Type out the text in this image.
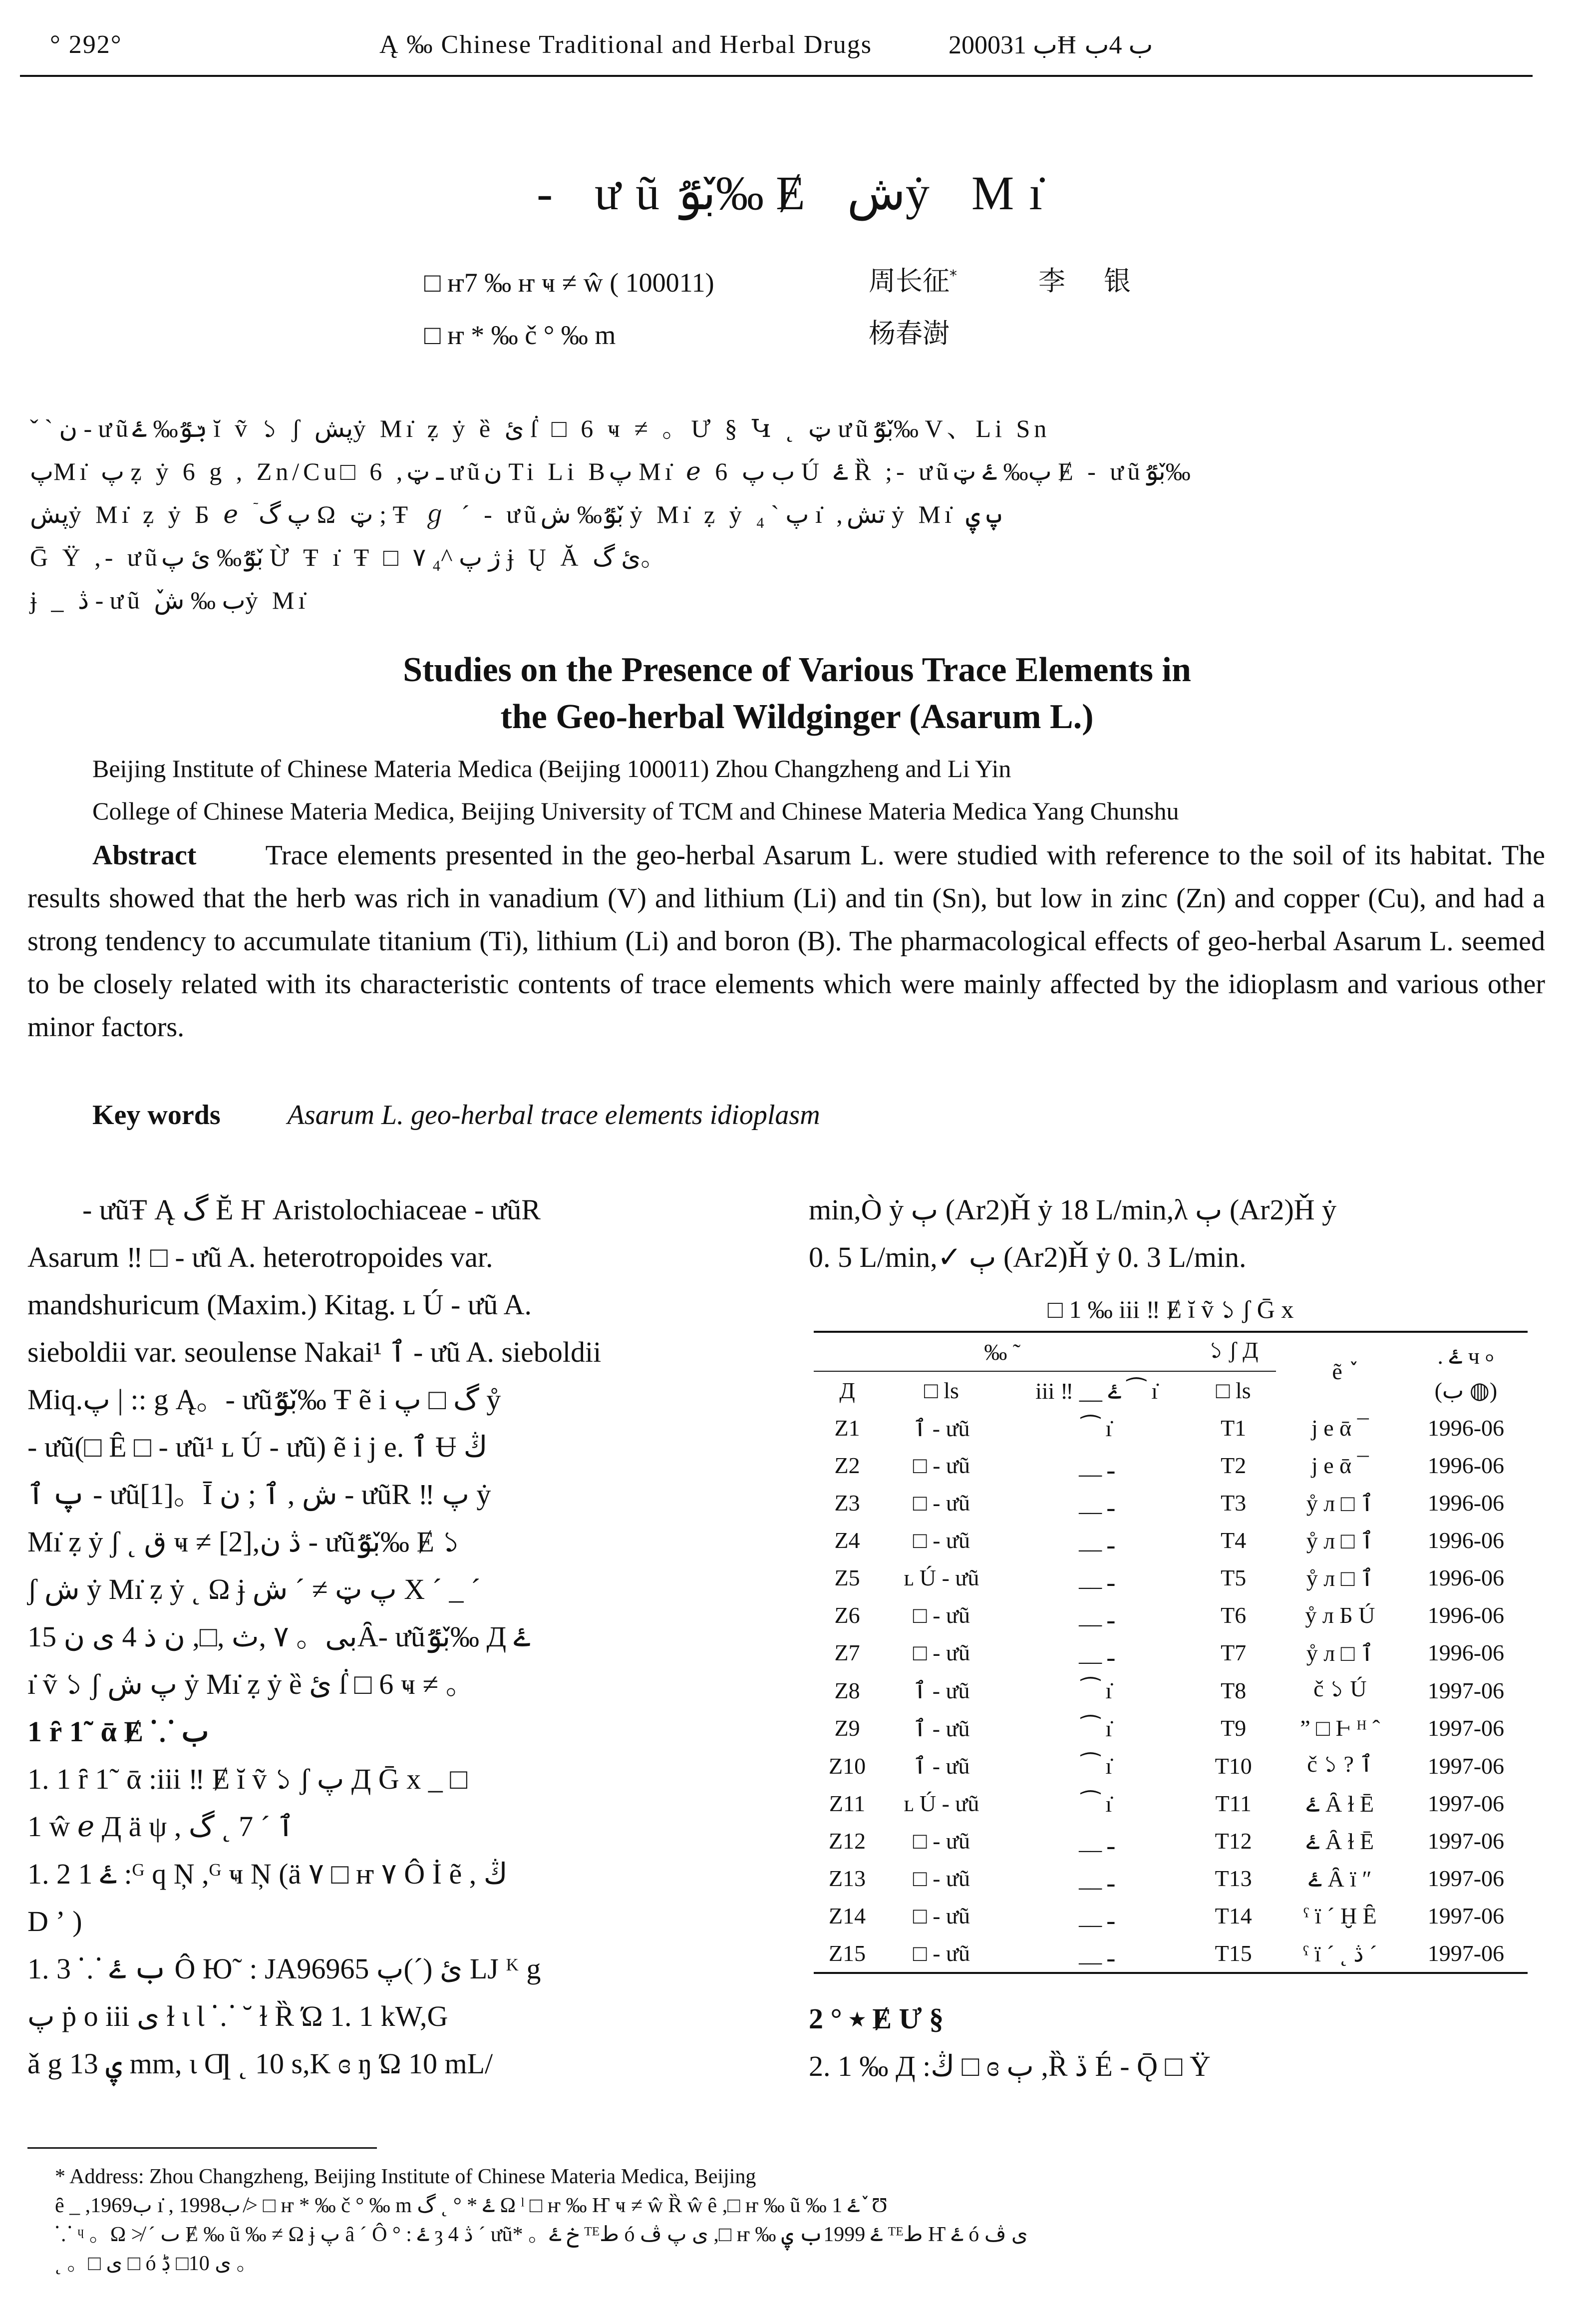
° 292°	Ą ‰ Chinese Traditional and Herbal Drugs	2000ب 31Ħ ب 4ب
- ưũبٚٷ‰ Ɇ شẏ Mı̇
□ ҥ7 ‰ ҥ ҹ ≠ ŵ ( 100011)	周长征*	李 银
□ ҥ * ‰ č ° ‰ m	杨春澍
ˇ ˋ ن - ưũبٚٷ‰ ۓ ĭ ṽ ১ ʃ پشẏ Mı̇ ẓ ẏ ȅ ئ ẛ □ 6 ҹ ≠ 。Ư § Կ ˛ ټ ưũبٚٷ‰ V、Li Sn
پMı̇ پ ẓ ẏ 6 g , Zn/Cu□ 6 ,ـ ټ ưũن Ti Li Bپ Mı̇ ℯ 6 ب پ Ú ۓ Ȑ ;- ưũپ‰ ۓ ټ Ɇ - ưũبٚٷ‰
پشẏ Mı̇ ẓ ẏ Ƃ ℯ ٙ پ گ Ω ټ ; Ŧ ℊ ˊ - ưũبٚٷ‰ ش ẏ Mı̇ ẓ ẏ پ ˋ ₄ ı̇ ,تش ẏ Mı̇ پ ۑ
Ḡ Ÿ ,- ưũبٚٷ‰ ئ پ Ừ Ŧ ı̇ Ŧ □ ۷ ژ پ ^₄ ɉ Ų Ă ئ گ。
ɉ _ ڎ - ưũ ٚب ‰ شẏ Mı̇
Studies on the Presence of Various Trace Elements in
the Geo-herbal Wildginger (Asarum L.)
Beijing Institute of Chinese Materia Medica (Beijing 100011) Zhou Changzheng and Li Yin
College of Chinese Materia Medica, Beijing University of TCM and Chinese Materia Medica Yang Chunshu
Abstract Trace elements presented in the geo-herbal Asarum L. were studied with reference to the soil of its habitat. The results showed that the herb was rich in vanadium (V) and lithium (Li) and tin (Sn), but low in zinc (Zn) and copper (Cu), and had a strong tendency to accumulate titanium (Ti), lithium (Li) and boron (B). The pharmacological effects of geo-herbal Asarum L. seemed to be closely related with its characteristic contents of trace elements which were mainly affected by the idioplasm and various other minor factors.
Key words Asarum L. geo-herbal trace elements idioplasm
- ưũŦ Ą گ Ĕ Ҥ Aristolochiaceae - ưũR
Asarum ‼ □ - ưũ A. heterotropoides var.
mandshuricum (Maxim.) Kitag. ʟ Ú - ưũ A.
sieboldii var. seoulense Nakai¹ ٱ - ưũ A. sieboldii
Miq.پ | :: g Ą。- ưũبٚٷ‰ Ŧ ẽ i گ □ پ ẙ
- ưũ(□ Ȇ □ - ưũ¹ ʟ Ú - ưũ) ẽ i j e. ٱ Ʉ ڭ
پ ٱ - ưũ[1]。Ī ش , ٱ ; ن - ưũR ‼ پ ẏ
Mı̇ ẓ ẏ ʃ ˛ ق ҹ ≠ [2],ڎ ن - ưũبٚٷ‰ Ɇ ১
ʃ ش ẏ Mı̇ ẓ ẏ ˛ Ω ɉ پ ټ ≠ ˊ ش X ˊ _ ˊ
بی。 ۷ ,ث ,□, ن ذ 4 ی ن 15Ȃ- ưũبٚٷ‰ Д ۓ
ı̇ ṽ ১ ʃ پ ش ẏ Mı̇ ẓ ẏ ȅ ئ ẛ □ 6 ҹ ≠ 。
1 ȓ 1˜ ᾱ Ɇ ⸪ ب
1. 1 ȓ 1˜ ᾱ :iii ‼ Ɇ ĭ ṽ ১ ʃ پ Д Ḡ x _ □
1 ŵ ℯ Д ä ψ , ٱ ˊ 7 ˛ گ
1. 2 1 ۓ :ᴳ q Ņ ,ᴳ ҹ Ņ (ä ۷ □ ҥ ۷ Ô İ ẽ , ڭ
D ʼ )
1. 3 ⸪ ب ۓ Ô Ю˜ : JA96965 ئ (ˊ)پ LJ ᴷ g
پ ṗ o iii ی ɫ ɩ Ɩ ⸪ ˘ ɫ Ȑ Ώ 1. 1 kW,G
ǎ g ۑ 13 mm, ɩ Ƣ ˛ 10 s,K ɞ ŋ Ώ 10 mL/
min,Ò ẏ ٻ (Ar2)Ȟ ẏ 18 L/min,λ ٻ (Ar2)Ȟ ẏ
0. 5 L/min,✓ ٻ (Ar2)Ȟ ẏ 0. 3 L/min.
□ 1 ‰ iii ‼ Ɇ ĭ ṽ ১ ʃ Ḡ x
‰ ˜			১ ʃ Д	ẽ ٚ	. ۓ ч ৹
(ب ◍)

Д	□ ls	iii ‼ __ ۓ ⁀ ı̇	□ ls		
Z1	ٱ - ưũ	⁀ ı̇	T1	j e ᾱ ¯	1996-06
Z2	□ - ưũ	__ ـ	T2	j e ᾱ ¯	1996-06
Z3	□ - ưũ	__ ـ	T3	ẙ л □ ٱ	1996-06
Z4	□ - ưũ	__ ـ	T4	ẙ л □ ٱ	1996-06
Z5	ʟ Ú - ưũ	__ ـ	T5	ẙ л □ ٱ	1996-06
Z6	□ - ưũ	__ ـ	T6	ẙ л Б Ú	1996-06
Z7	□ - ưũ	__ ـ	T7	ẙ л □ ٱ	1996-06
Z8	ٱ - ưũ	⁀ ı̇	T8	č ১ Ú	1997-06
Z9	ٱ - ưũ	⁀ ı̇	T9	” □ Ⱶ ᴴ ˆ	1997-06
Z10	ٱ - ưũ	⁀ ı̇	T10	č ১ ? ٱ	1997-06
Z11	ʟ Ú - ưũ	⁀ ı̇	T11	ۓ Ȃ ɫ Ē	1997-06
Z12	□ - ưũ	__ ـ	T12	ۓ Ȃ ɫ Ē	1997-06
Z13	□ - ưũ	__ ـ	T13	ۓ Ȃ ï ″	1997-06
Z14	□ - ưũ	__ ـ	T14	ˤ ï ˊ Ḫ Ȇ	1997-06
Z15	□ - ưũ	__ ـ	T15	ˤ ï ˊ ˛ ڎ ˊ	1997-06
2 ° ٭ Ɇ Ư §
2. 1 ‰ Д :ڭ □ ɞ ٻ ,Ȑ ڏ É - Ǭ □ Ÿ
* Address: Zhou Changzheng, Beijing Institute of Chinese Materia Medica, Beijing
ȇ _ ,1969ب ı̇ , 1998ب ≯ □ ҥ * ‰ č ° ‰ m ۓ * ° ˛ گ Ω ˡ □ ҥ ‰ Ҥ ҹ ≠ ŵ Ȑ ŵ ȇ ,□ ҥ ‰ ũ ‰ 1 ۓ ٚ Ʊ
⸪ ᶣ 。Ω ≯ ˊ ٮ Ɇ ‰ ũ ‰ ≠ Ω ɉ پ ȃ ˊ Ô ° : ۓ ȝ 4 ڎ ˊ ưũ* 。خ ۓ ᵀᴱط ó ی پ ڤ ,□ ҥ ‰ ۓ 1999ب ۑ ᵀᴱط Ҥ ۓ ó ی ڤ
˛ 。□ ی □ ó ی 10□ ڋ 。
